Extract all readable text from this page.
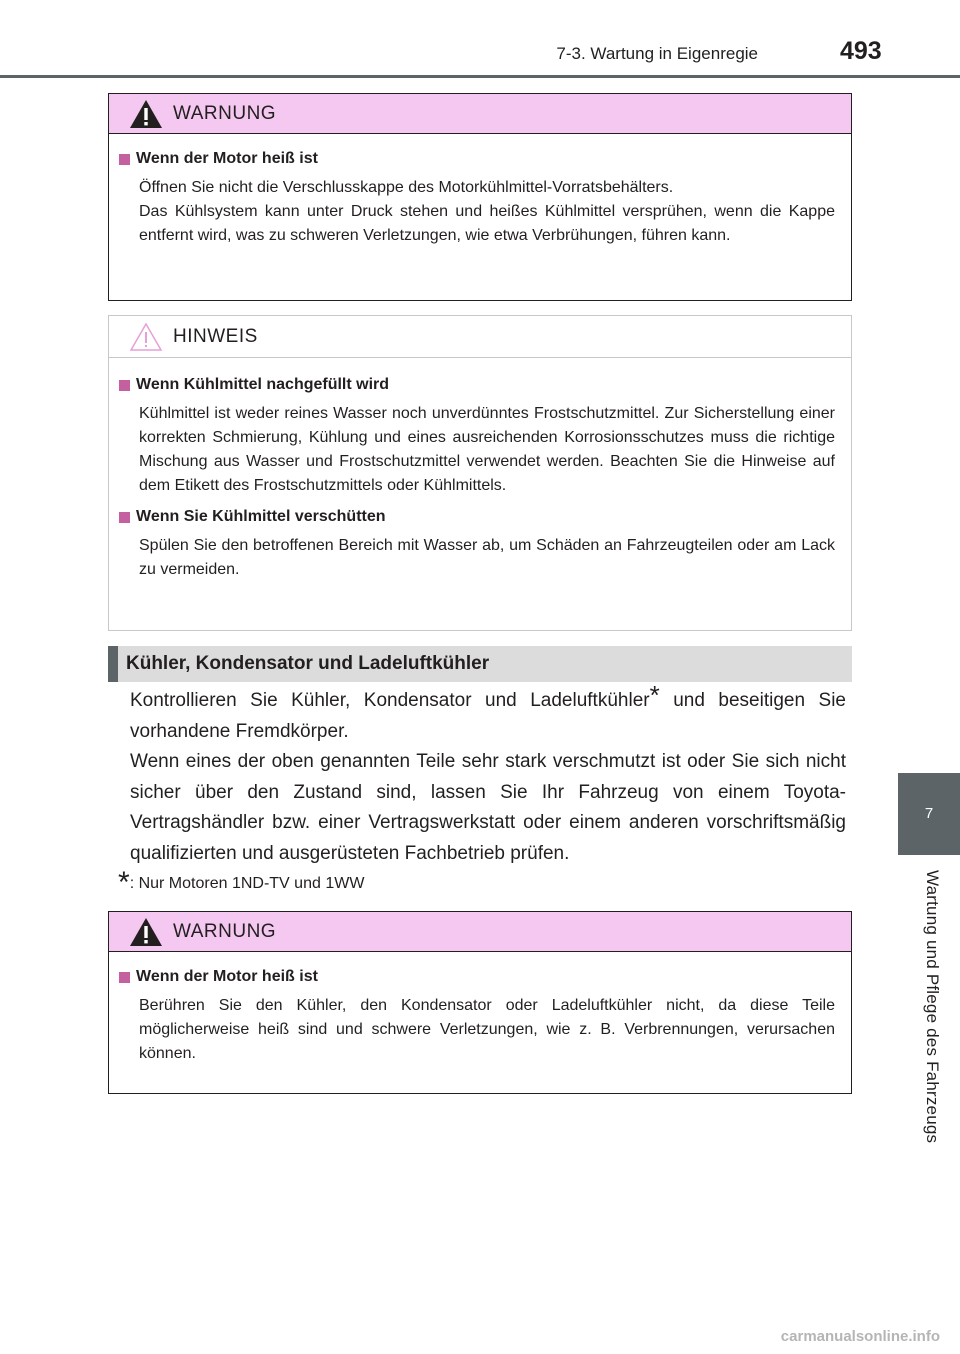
7-3. Wartung in Eigenregie	493
7
Wartung und Pflege des Fahrzeugs
WARNUNG
Wenn der Motor heiß ist
Öffnen Sie nicht die Verschlusskappe des Motorkühlmittel-Vorratsbehälters.
Das Kühlsystem kann unter Druck stehen und heißes Kühlmittel versprühen, wenn die Kappe entfernt wird, was zu schweren Verletzungen, wie etwa Verbrühungen, führen kann.
HINWEIS
Wenn Kühlmittel nachgefüllt wird
Kühlmittel ist weder reines Wasser noch unverdünntes Frostschutzmittel. Zur Sicherstellung einer korrekten Schmierung, Kühlung und eines ausreichenden Korrosionsschutzes muss die richtige Mischung aus Wasser und Frostschutzmittel verwendet werden. Beachten Sie die Hinweise auf dem Etikett des Frostschutzmittels oder Kühlmittels.
Wenn Sie Kühlmittel verschütten
Spülen Sie den betroffenen Bereich mit Wasser ab, um Schäden an Fahrzeugteilen oder am Lack zu vermeiden.
Kühler, Kondensator und Ladeluftkühler

Kontrollieren Sie Kühler, Kondensator und Ladeluftkühler* und beseitigen Sie vorhandene Fremdkörper.

Wenn eines der oben genannten Teile sehr stark verschmutzt ist oder Sie sich nicht sicher über den Zustand sind, lassen Sie Ihr Fahrzeug von einem Toyota-Vertragshändler bzw. einer Vertragswerkstatt oder einem anderen vorschriftsmäßig qualifizierten und ausgerüsteten Fachbetrieb prüfen.

*: Nur Motoren 1ND-TV und 1WW
WARNUNG
Wenn der Motor heiß ist
Berühren Sie den Kühler, den Kondensator oder Ladeluftkühler nicht, da diese Teile möglicherweise heiß sind und schwere Verletzungen, wie z. B. Verbrennungen, verursachen können.
carmanualsonline.info
